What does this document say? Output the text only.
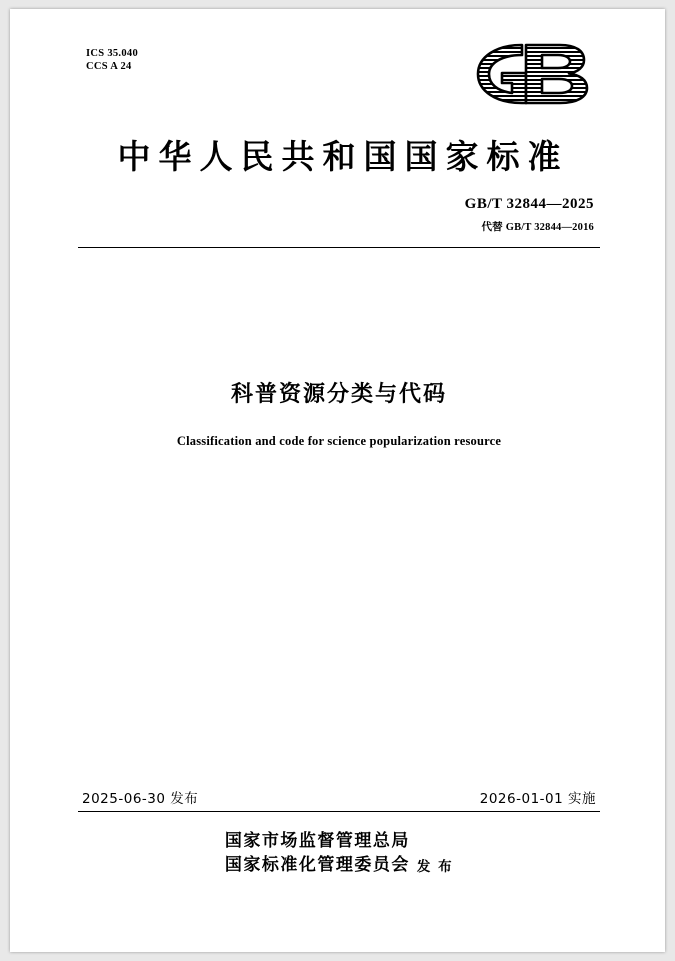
ICS 35.040
CCS A 24
中华人民共和国国家标准
GB/T 32844—2025
代替 GB/T 32844—2016
科普资源分类与代码
Classification and code for science popularization resource
2025-06-30 发布	2026-01-01 实施
国家市场监督管理总局
国家标准化管理委员会 发 布
